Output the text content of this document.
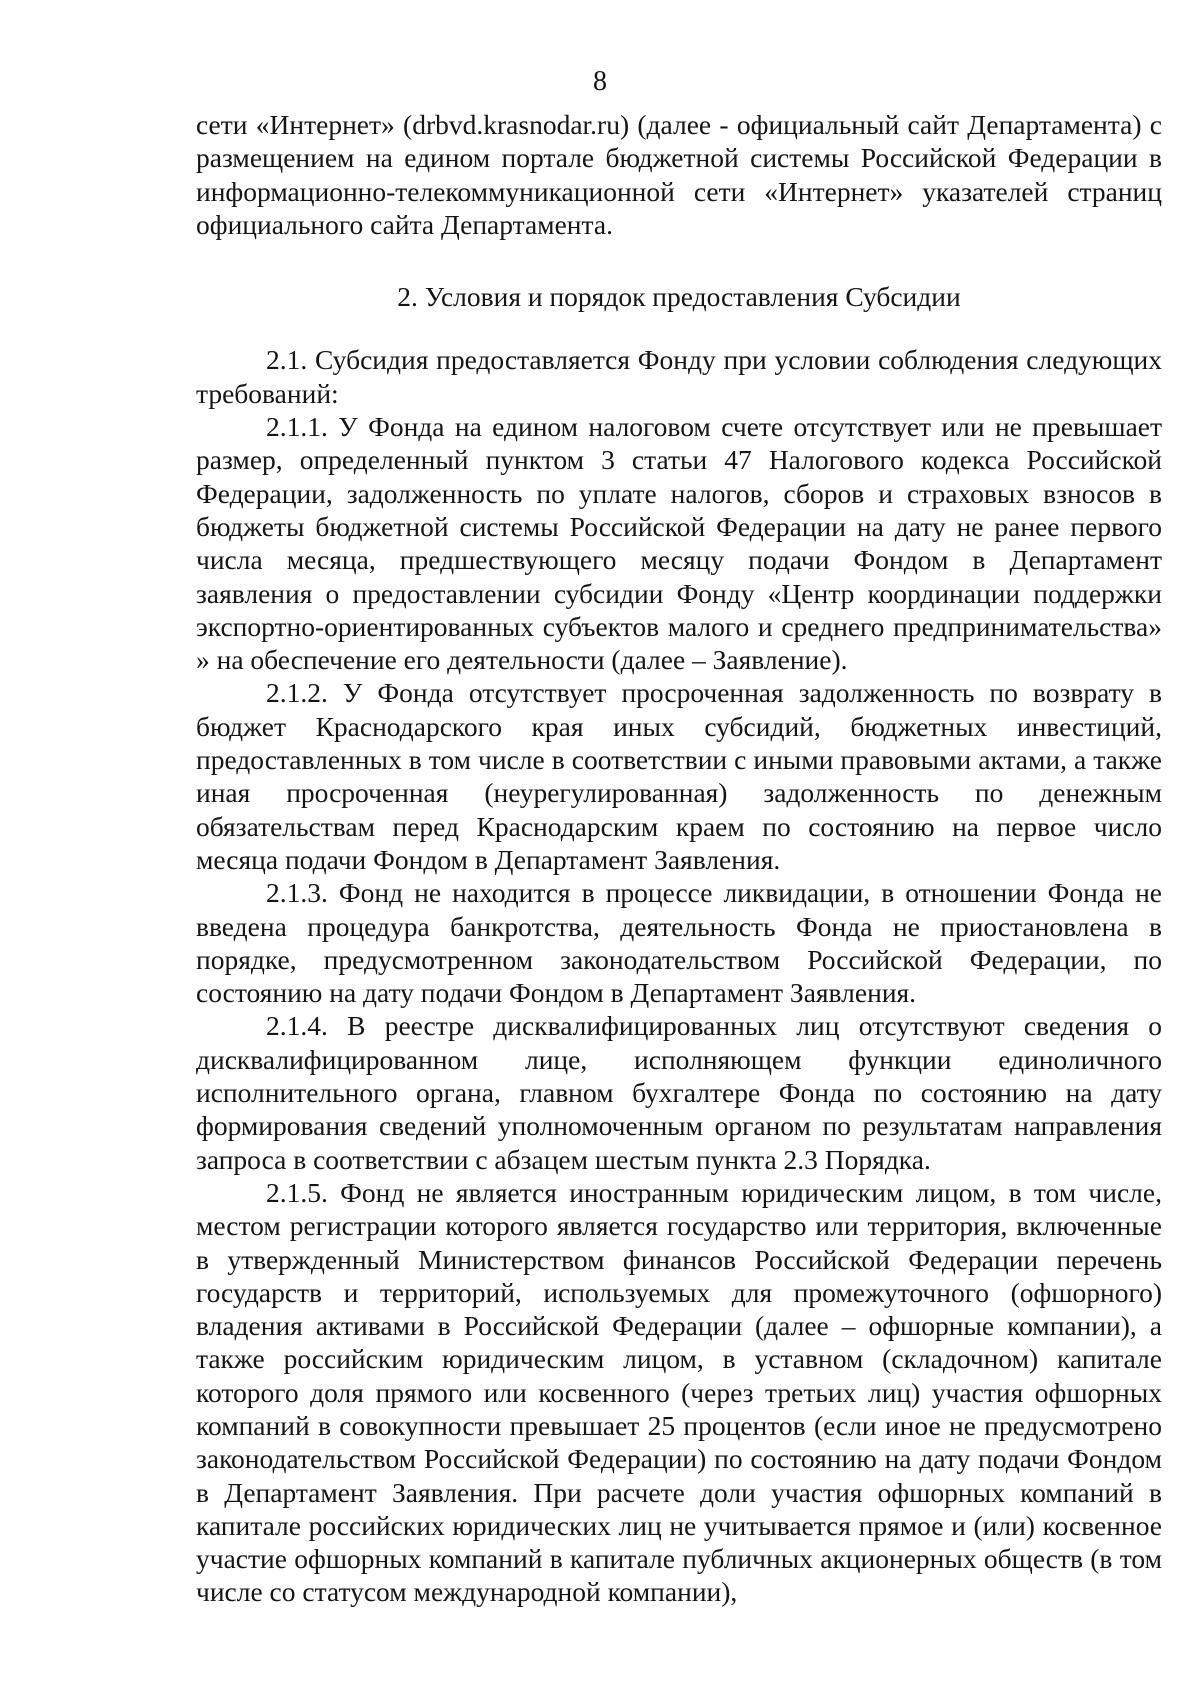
8

сети «Интернет» (drbvd.krasnodar.ru) (далее - официальный сайт Департамента) с размещением на едином портале бюджетной системы Российской Федерации в информационно-телекоммуникационной сети «Интернет» указателей страниц официального сайта Департамента.

2. Условия и порядок предоставления Субсидии

2.1. Субсидия предоставляется Фонду при условии соблюдения следующих требований:

2.1.1. У Фонда на едином налоговом счете отсутствует или не превышает размер, определенный пунктом 3 статьи 47 Налогового кодекса Российской Федерации, задолженность по уплате налогов, сборов и страховых взносов в бюджеты бюджетной системы Российской Федерации на дату не ранее первого числа месяца, предшествующего месяцу подачи Фондом в Департамент заявления о предоставлении субсидии Фонду «Центр координации поддержки экспортно-ориентированных субъектов малого и среднего предпринимательства» » на обеспечение его деятельности (далее – Заявление).

2.1.2. У Фонда отсутствует просроченная задолженность по возврату в бюджет Краснодарского края иных субсидий, бюджетных инвестиций, предоставленных в том числе в соответствии с иными правовыми актами, а также иная просроченная (неурегулированная) задолженность по денежным обязательствам перед Краснодарским краем по состоянию на первое число месяца подачи Фондом в Департамент Заявления.

2.1.3. Фонд не находится в процессе ликвидации, в отношении Фонда не введена процедура банкротства, деятельность Фонда не приостановлена в порядке, предусмотренном законодательством Российской Федерации, по состоянию на дату подачи Фондом в Департамент Заявления.

2.1.4. В реестре дисквалифицированных лиц отсутствуют сведения о дисквалифицированном лице, исполняющем функции единоличного исполнительного органа, главном бухгалтере Фонда по состоянию на дату формирования сведений уполномоченным органом по результатам направления запроса в соответствии с абзацем шестым пункта 2.3 Порядка.

2.1.5. Фонд не является иностранным юридическим лицом, в том числе, местом регистрации которого является государство или территория, включенные в утвержденный Министерством финансов Российской Федерации перечень государств и территорий, используемых для промежуточного (офшорного) владения активами в Российской Федерации (далее – офшорные компании), а также российским юридическим лицом, в уставном (складочном) капитале которого доля прямого или косвенного (через третьих лиц) участия офшорных компаний в совокупности превышает 25 процентов (если иное не предусмотрено законодательством Российской Федерации) по состоянию на дату подачи Фондом в Департамент Заявления. При расчете доли участия офшорных компаний в капитале российских юридических лиц не учитывается прямое и (или) косвенное участие офшорных компаний в капитале публичных акционерных обществ (в том числе со статусом международной компании),
